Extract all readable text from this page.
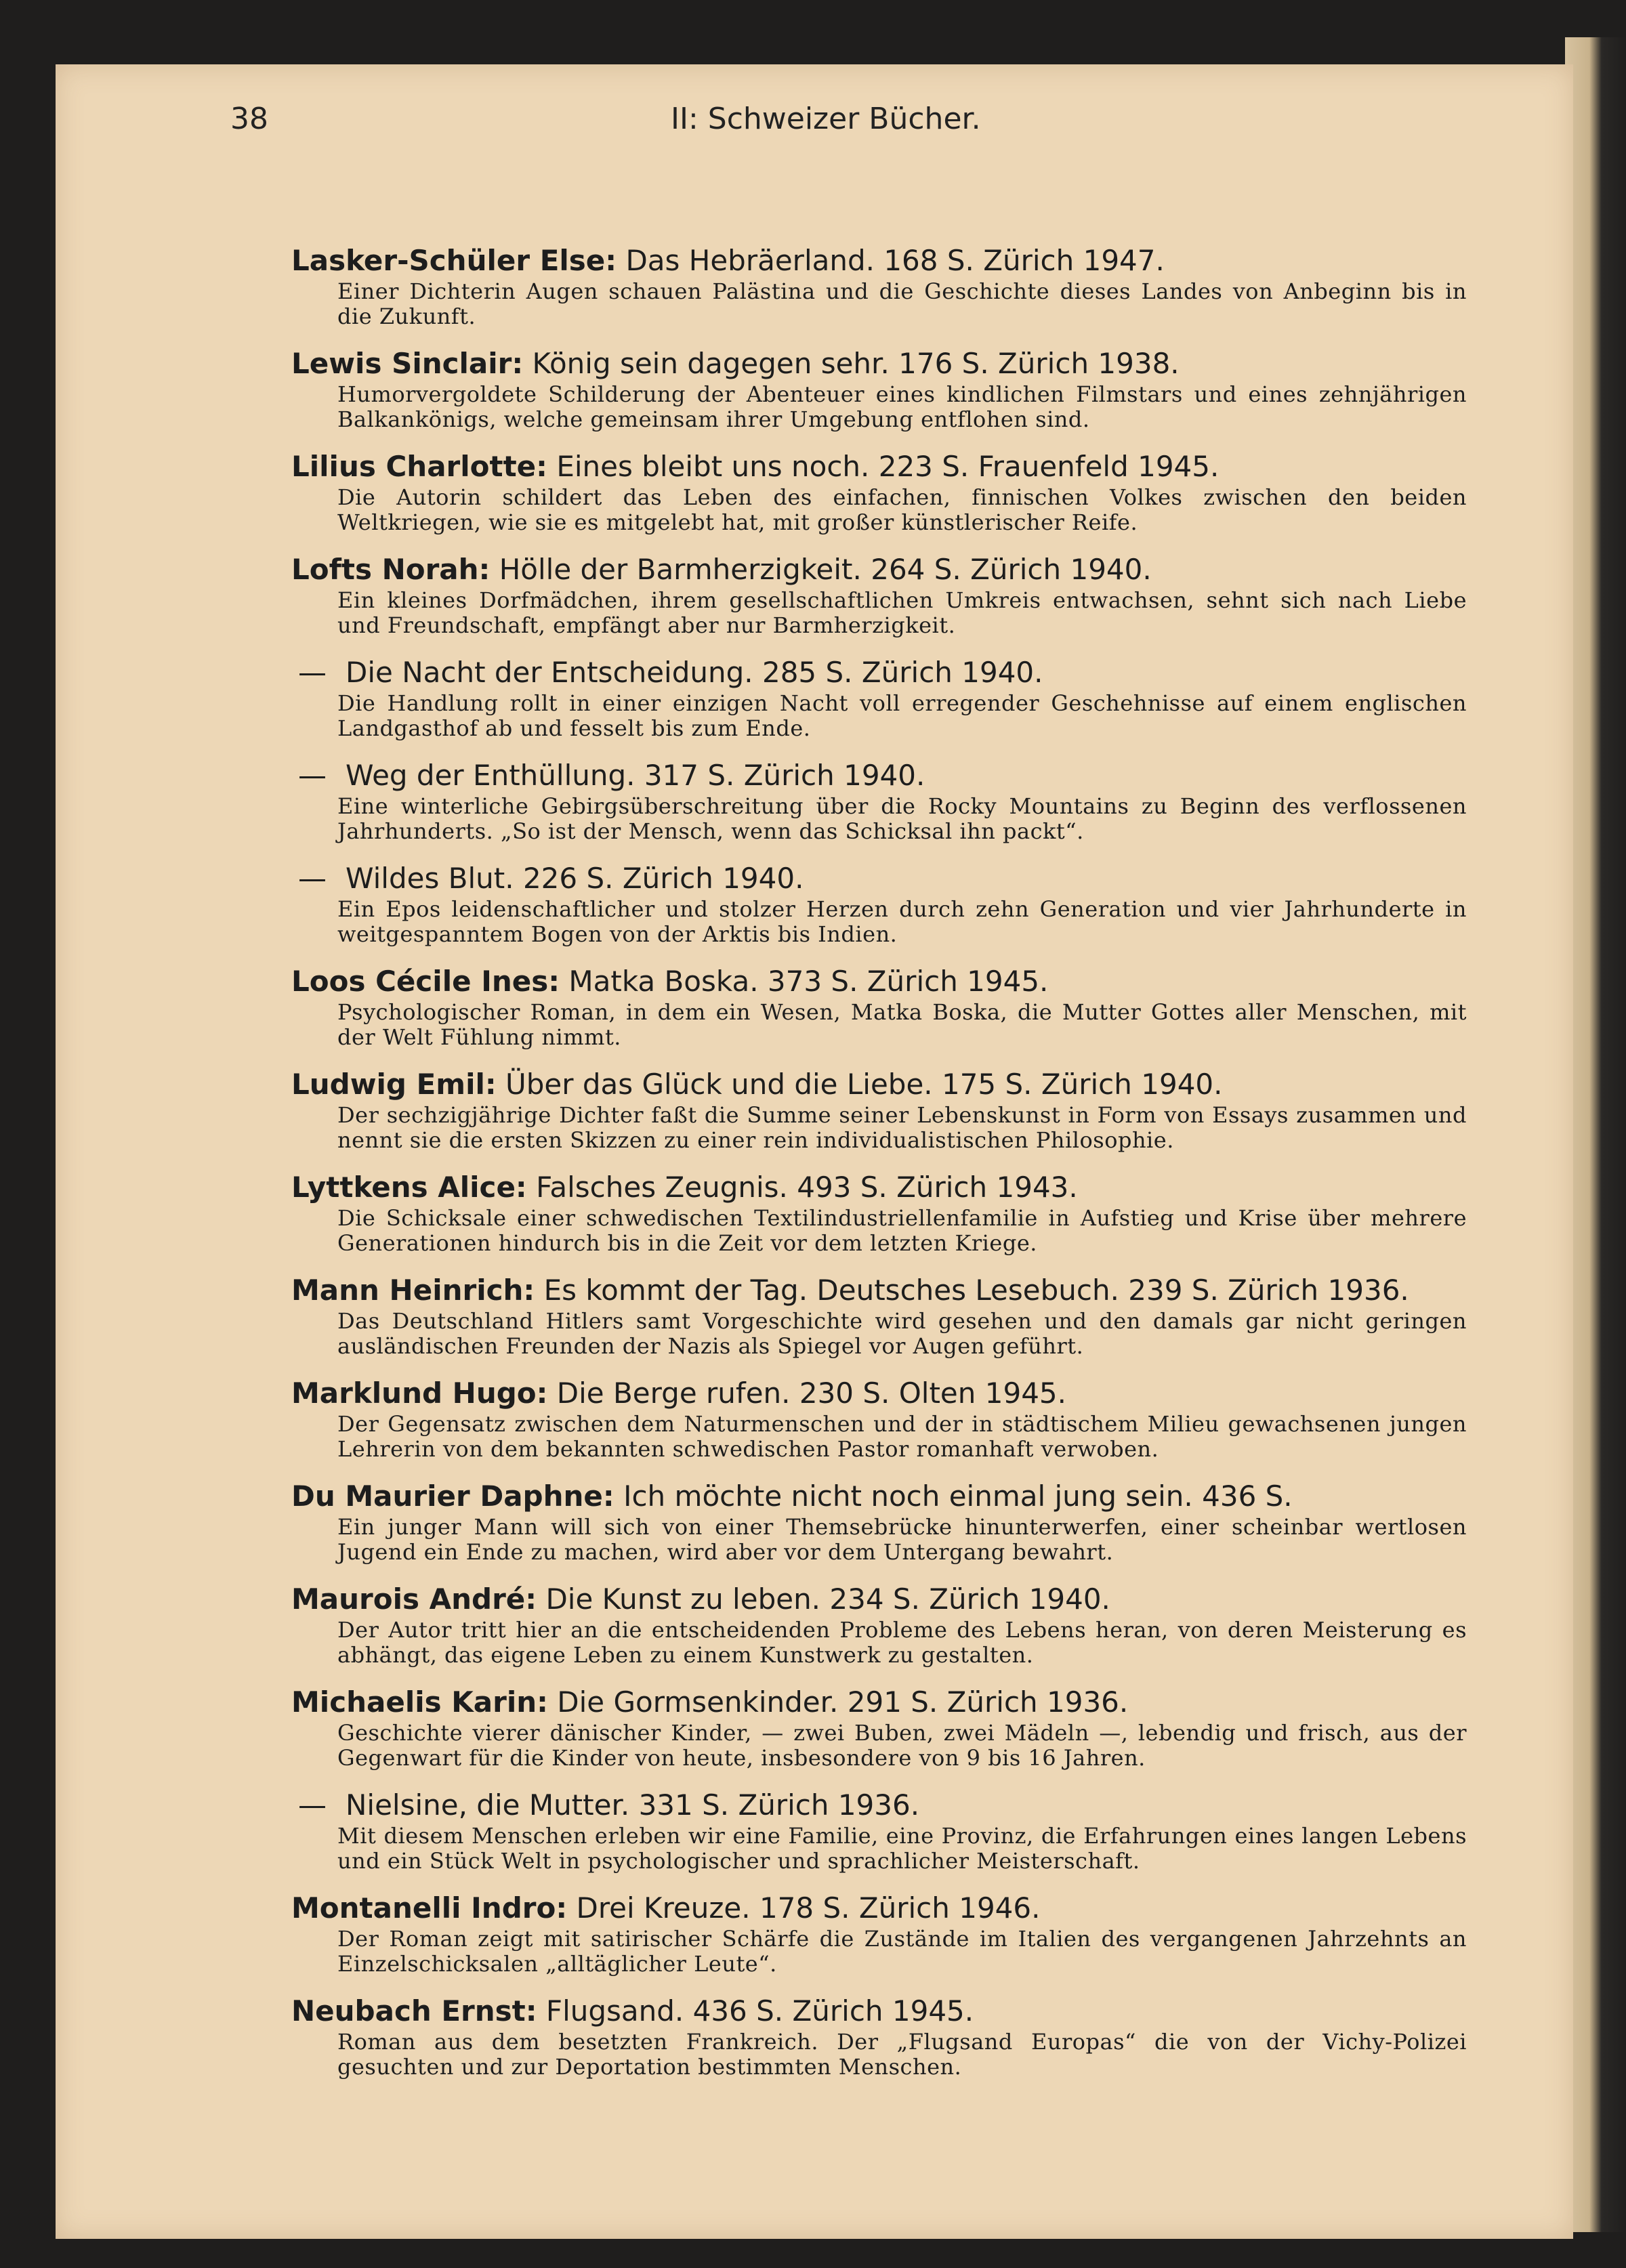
38	II: Schweizer Bücher.
Lasker-Schüler Else: Das Hebräerland. 168 S. Zürich 1947.
Einer Dichterin Augen schauen Palästina und die Geschichte dieses Landes von Anbeginn bis in die Zukunft.
Lewis Sinclair: König sein dagegen sehr. 176 S. Zürich 1938.
Humorvergoldete Schilderung der Abenteuer eines kindlichen Filmstars und eines zehnjährigen Balkankönigs, welche gemeinsam ihrer Umgebung entflohen sind.
Lilius Charlotte: Eines bleibt uns noch. 223 S. Frauenfeld 1945.
Die Autorin schildert das Leben des einfachen, finnischen Volkes zwischen den beiden Weltkriegen, wie sie es mitgelebt hat, mit großer künstlerischer Reife.
Lofts Norah: Hölle der Barmherzigkeit. 264 S. Zürich 1940.
Ein kleines Dorfmädchen, ihrem gesellschaftlichen Umkreis entwachsen, sehnt sich nach Liebe und Freundschaft, empfängt aber nur Barmherzigkeit.
— Die Nacht der Entscheidung. 285 S. Zürich 1940.
Die Handlung rollt in einer einzigen Nacht voll erregender Geschehnisse auf einem englischen Landgasthof ab und fesselt bis zum Ende.
— Weg der Enthüllung. 317 S. Zürich 1940.
Eine winterliche Gebirgsüberschreitung über die Rocky Mountains zu Beginn des verflossenen Jahrhunderts. „So ist der Mensch, wenn das Schicksal ihn packt“.
— Wildes Blut. 226 S. Zürich 1940.
Ein Epos leidenschaftlicher und stolzer Herzen durch zehn Generation und vier Jahrhunderte in weitgespanntem Bogen von der Arktis bis Indien.
Loos Cécile Ines: Matka Boska. 373 S. Zürich 1945.
Psychologischer Roman, in dem ein Wesen, Matka Boska, die Mutter Gottes aller Menschen, mit der Welt Fühlung nimmt.
Ludwig Emil: Über das Glück und die Liebe. 175 S. Zürich 1940.
Der sechzigjährige Dichter faßt die Summe seiner Lebenskunst in Form von Essays zusammen und nennt sie die ersten Skizzen zu einer rein individualistischen Philosophie.
Lyttkens Alice: Falsches Zeugnis. 493 S. Zürich 1943.
Die Schicksale einer schwedischen Textilindustriellenfamilie in Aufstieg und Krise über mehrere Generationen hindurch bis in die Zeit vor dem letzten Kriege.
Mann Heinrich: Es kommt der Tag. Deutsches Lesebuch. 239 S. Zürich 1936.
Das Deutschland Hitlers samt Vorgeschichte wird gesehen und den damals gar nicht geringen ausländischen Freunden der Nazis als Spiegel vor Augen geführt.
Marklund Hugo: Die Berge rufen. 230 S. Olten 1945.
Der Gegensatz zwischen dem Naturmenschen und der in städtischem Milieu gewachsenen jungen Lehrerin von dem bekannten schwedischen Pastor romanhaft verwoben.
Du Maurier Daphne: Ich möchte nicht noch einmal jung sein. 436 S.
Ein junger Mann will sich von einer Themsebrücke hinunterwerfen, einer scheinbar wertlosen Jugend ein Ende zu machen, wird aber vor dem Untergang bewahrt.
Maurois André: Die Kunst zu leben. 234 S. Zürich 1940.
Der Autor tritt hier an die entscheidenden Probleme des Lebens heran, von deren Meisterung es abhängt, das eigene Leben zu einem Kunstwerk zu gestalten.
Michaelis Karin: Die Gormsenkinder. 291 S. Zürich 1936.
Geschichte vierer dänischer Kinder, — zwei Buben, zwei Mädeln —, lebendig und frisch, aus der Gegenwart für die Kinder von heute, insbesondere von 9 bis 16 Jahren.
— Nielsine, die Mutter. 331 S. Zürich 1936.
Mit diesem Menschen erleben wir eine Familie, eine Provinz, die Erfahrungen eines langen Lebens und ein Stück Welt in psychologischer und sprachlicher Meisterschaft.
Montanelli Indro: Drei Kreuze. 178 S. Zürich 1946.
Der Roman zeigt mit satirischer Schärfe die Zustände im Italien des vergangenen Jahrzehnts an Einzelschicksalen „alltäglicher Leute“.
Neubach Ernst: Flugsand. 436 S. Zürich 1945.
Roman aus dem besetzten Frankreich. Der „Flugsand Europas“ die von der Vichy-Polizei gesuchten und zur Deportation bestimmten Menschen.
